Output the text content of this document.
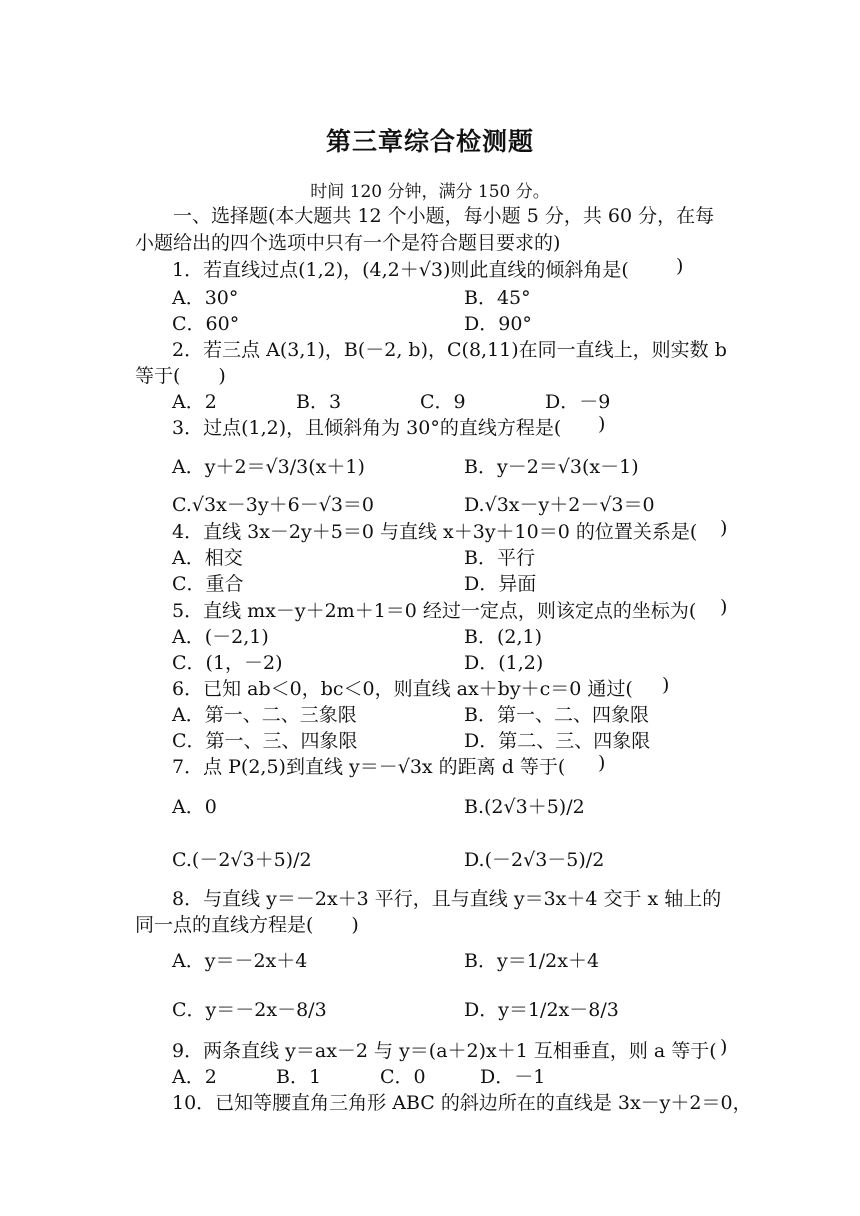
第三章综合检测题
时间 120 分钟，满分 150 分。
一、选择题(本大题共 12 个小题，每小题 5 分，共 60 分，在每
小题给出的四个选项中只有一个是符合题目要求的)
1．若直线过点(1,2)，(4,2＋√3)则此直线的倾斜角是( )
A．30°	B．45°
C．60°	D．90°
2．若三点 A(3,1)，B(－2, b)，C(8,11)在同一直线上，则实数 b
等于(　　)
A．2	B．3	C．9	D．－9
3．过点(1,2)，且倾斜角为 30°的直线方程是( )
A．y＋2＝√3/3(x＋1)	B．y－2＝√3(x－1)
C.√3x－3y＋6－√3＝0	D.√3x－y＋2－√3＝0
4．直线 3x－2y＋5＝0 与直线 x＋3y＋10＝0 的位置关系是( )
A．相交	B．平行
C．重合	D．异面
5．直线 mx－y＋2m＋1＝0 经过一定点，则该定点的坐标为( )
A．(－2,1)	B．(2,1)
C．(1，－2)	D．(1,2)
6．已知 ab＜0，bc＜0，则直线 ax＋by＋c＝0 通过( )
A．第一、二、三象限	B．第一、二、四象限
C．第一、三、四象限	D．第二、三、四象限
7．点 P(2,5)到直线 y＝－√3x 的距离 d 等于( )
A．0	B.(2√3＋5)/2
C.(－2√3＋5)/2	D.(－2√3－5)/2
8．与直线 y＝－2x＋3 平行，且与直线 y＝3x＋4 交于 x 轴上的
同一点的直线方程是(　　)
A．y＝－2x＋4	B．y＝1/2x＋4
C．y＝－2x－8/3	D．y＝1/2x－8/3
9．两条直线 y＝ax－2 与 y＝(a＋2)x＋1 互相垂直，则 a 等于( )
A．2	B．1	C．0	D．－1
10．已知等腰直角三角形 ABC 的斜边所在的直线是 3x－y＋2＝0，
